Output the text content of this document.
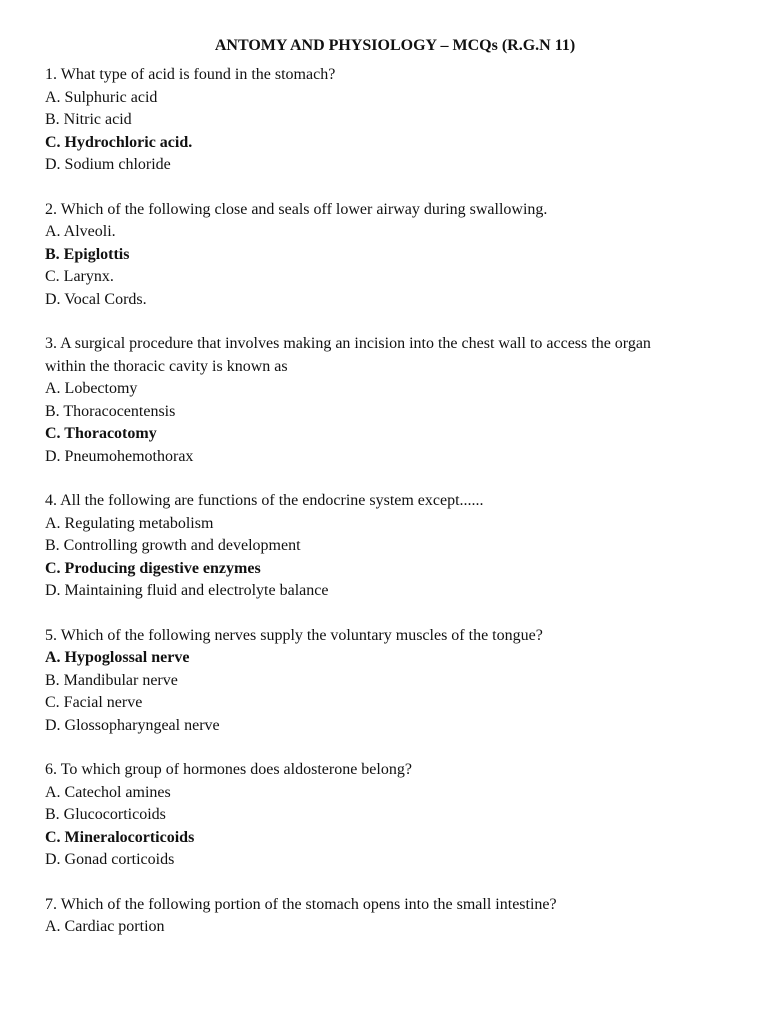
ANTOMY AND PHYSIOLOGY – MCQs (R.G.N 11)

1. What type of acid is found in the stomach?

A. Sulphuric acid

B. Nitric acid

C. Hydrochloric acid.

D. Sodium chloride

2. Which of the following close and seals off lower airway during swallowing.

A. Alveoli.

B. Epiglottis

C. Larynx.

D. Vocal Cords.

3. A surgical procedure that involves making an incision into the chest wall to access the organ within the thoracic cavity is known as

A. Lobectomy

B. Thoracocentensis

C. Thoracotomy

D. Pneumohemothorax

4. All the following are functions of the endocrine system except......

A. Regulating metabolism

B. Controlling growth and development

C. Producing digestive enzymes

D. Maintaining fluid and electrolyte balance

5. Which of the following nerves supply the voluntary muscles of the tongue?

A. Hypoglossal nerve

B. Mandibular nerve

C. Facial nerve

D. Glossopharyngeal nerve

6. To which group of hormones does aldosterone belong?

A. Catechol amines

B. Glucocorticoids

C. Mineralocorticoids

D. Gonad corticoids

7. Which of the following portion of the stomach opens into the small intestine?

A. Cardiac portion
